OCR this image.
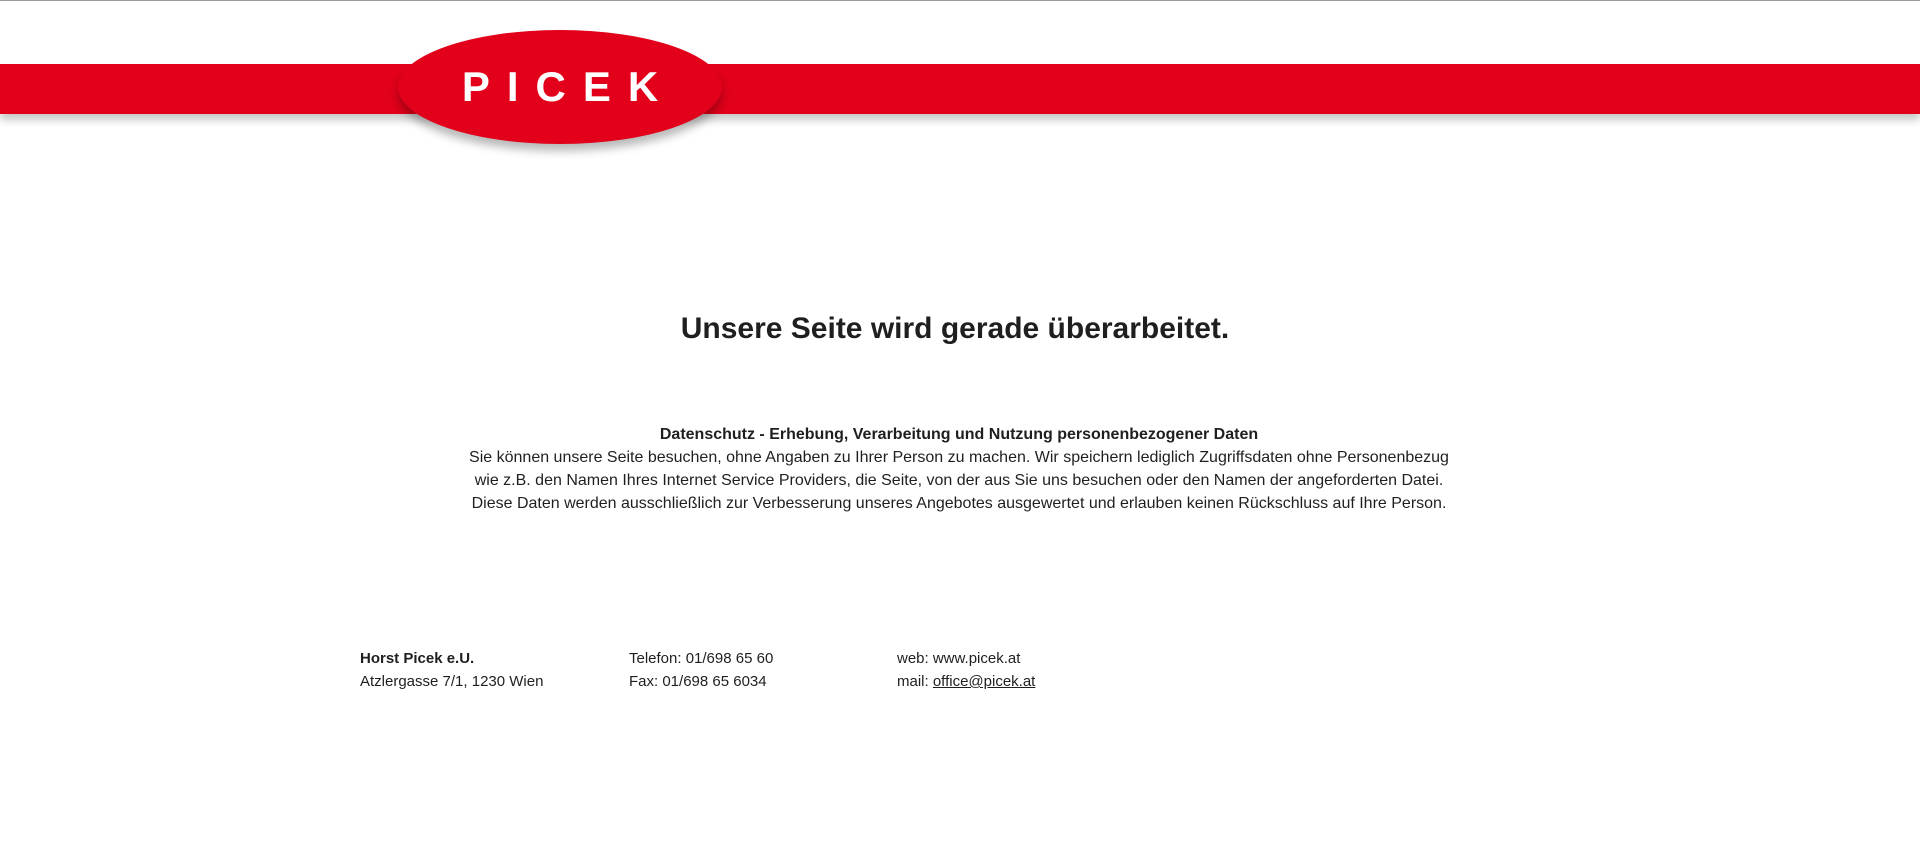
PICEK
Unsere Seite wird gerade überarbeitet.
Datenschutz - Erhebung, Verarbeitung und Nutzung personenbezogener Daten
Sie können unsere Seite besuchen, ohne Angaben zu Ihrer Person zu machen. Wir speichern lediglich Zugriffsdaten ohne Personenbezug
wie z.B. den Namen Ihres Internet Service Providers, die Seite, von der aus Sie uns besuchen oder den Namen der angeforderten Datei.
Diese Daten werden ausschließlich zur Verbesserung unseres Angebotes ausgewertet und erlauben keinen Rückschluss auf Ihre Person.
Horst Picek e.U.
Atzlergasse 7/1, 1230 Wien
Telefon: 01/698 65 60
Fax: 01/698 65 6034
web: www.picek.at
mail: office@picek.at
